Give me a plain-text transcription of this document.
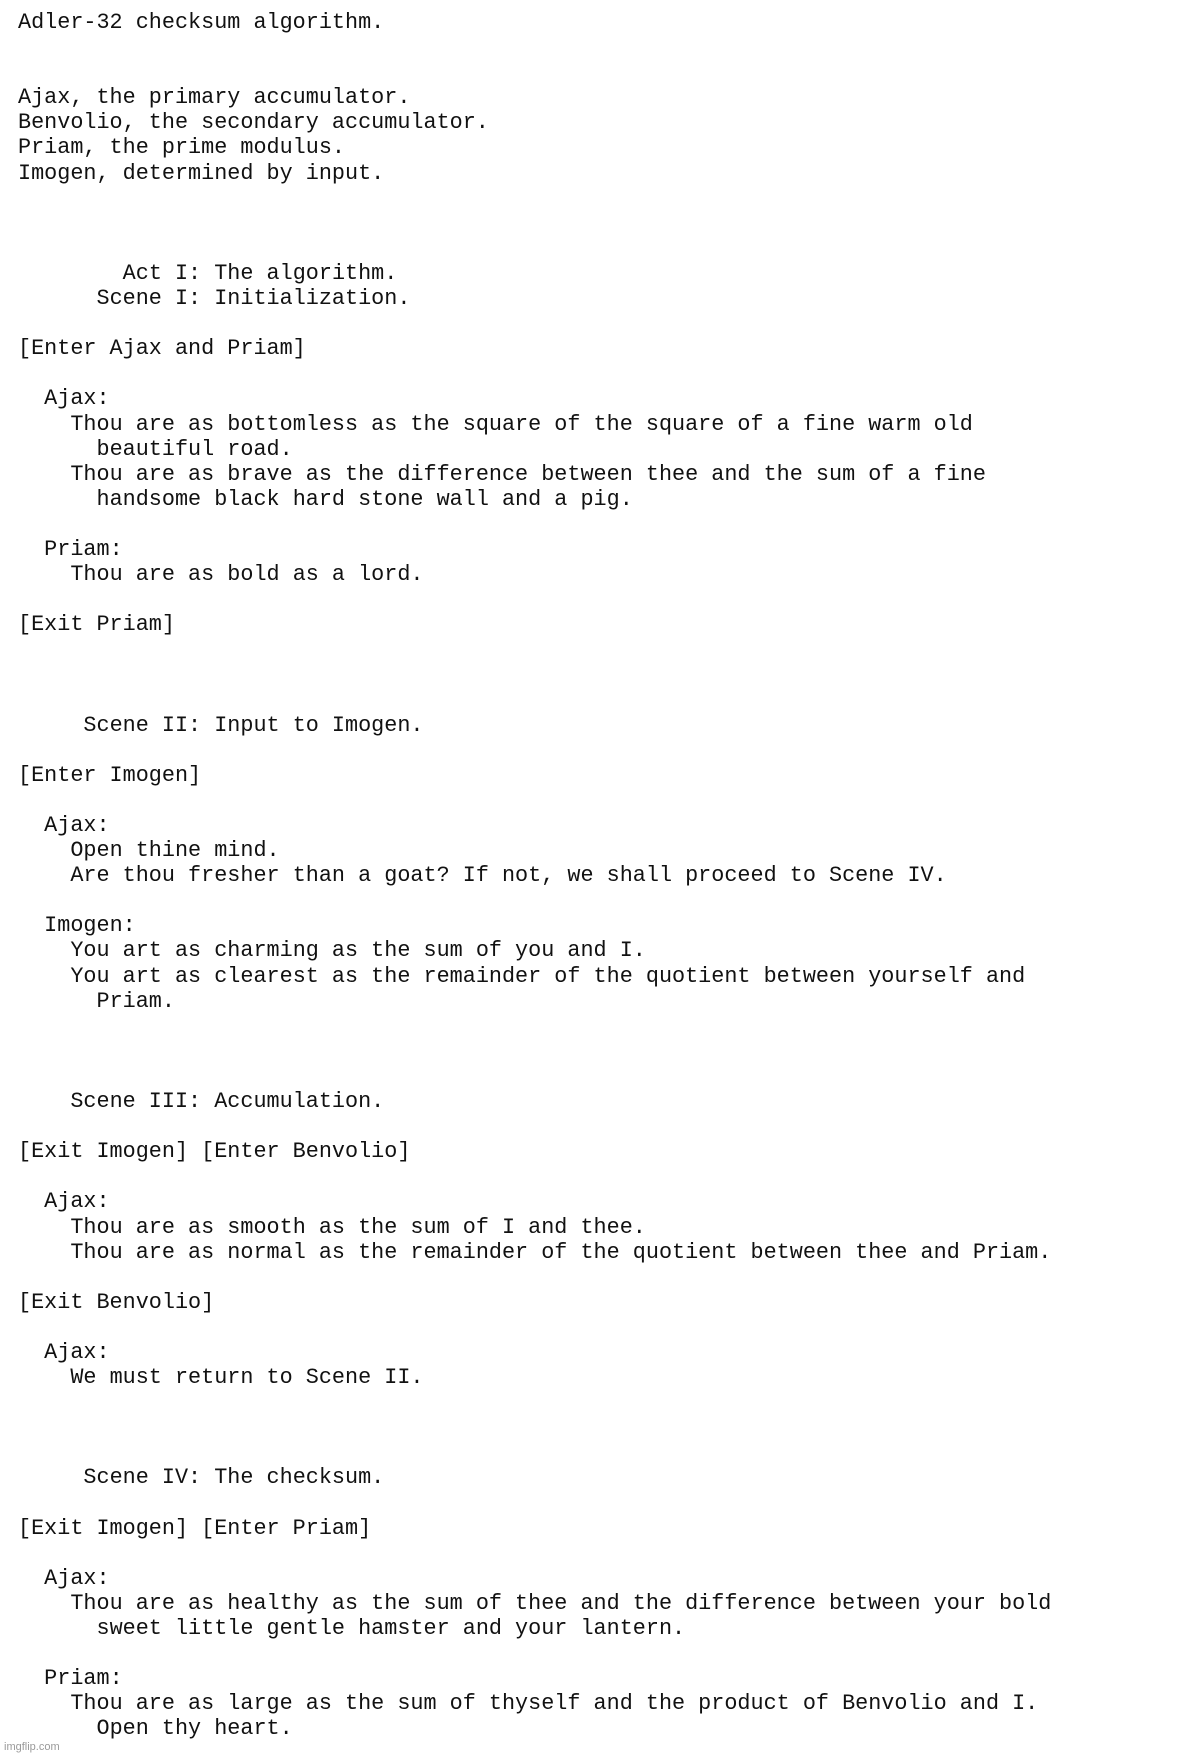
Adler-32 checksum algorithm.
Ajax, the primary accumulator.
Benvolio, the secondary accumulator.
Priam, the prime modulus.
Imogen, determined by input.
Act I: The algorithm.
Scene I: Initialization.
[Enter Ajax and Priam]
Ajax:
Thou are as bottomless as the square of the square of a fine warm old
beautiful road.
Thou are as brave as the difference between thee and the sum of a fine
handsome black hard stone wall and a pig.
Priam:
Thou are as bold as a lord.
[Exit Priam]
Scene II: Input to Imogen.
[Enter Imogen]
Ajax:
Open thine mind.
Are thou fresher than a goat? If not, we shall proceed to Scene IV.
Imogen:
You art as charming as the sum of you and I.
You art as clearest as the remainder of the quotient between yourself and
Priam.
Scene III: Accumulation.
[Exit Imogen] [Enter Benvolio]
Ajax:
Thou are as smooth as the sum of I and thee.
Thou are as normal as the remainder of the quotient between thee and Priam.
[Exit Benvolio]
Ajax:
We must return to Scene II.
Scene IV: The checksum.
[Exit Imogen] [Enter Priam]
Ajax:
Thou are as healthy as the sum of thee and the difference between your bold
sweet little gentle hamster and your lantern.
Priam:
Thou are as large as the sum of thyself and the product of Benvolio and I.
Open thy heart.
imgflip.com
